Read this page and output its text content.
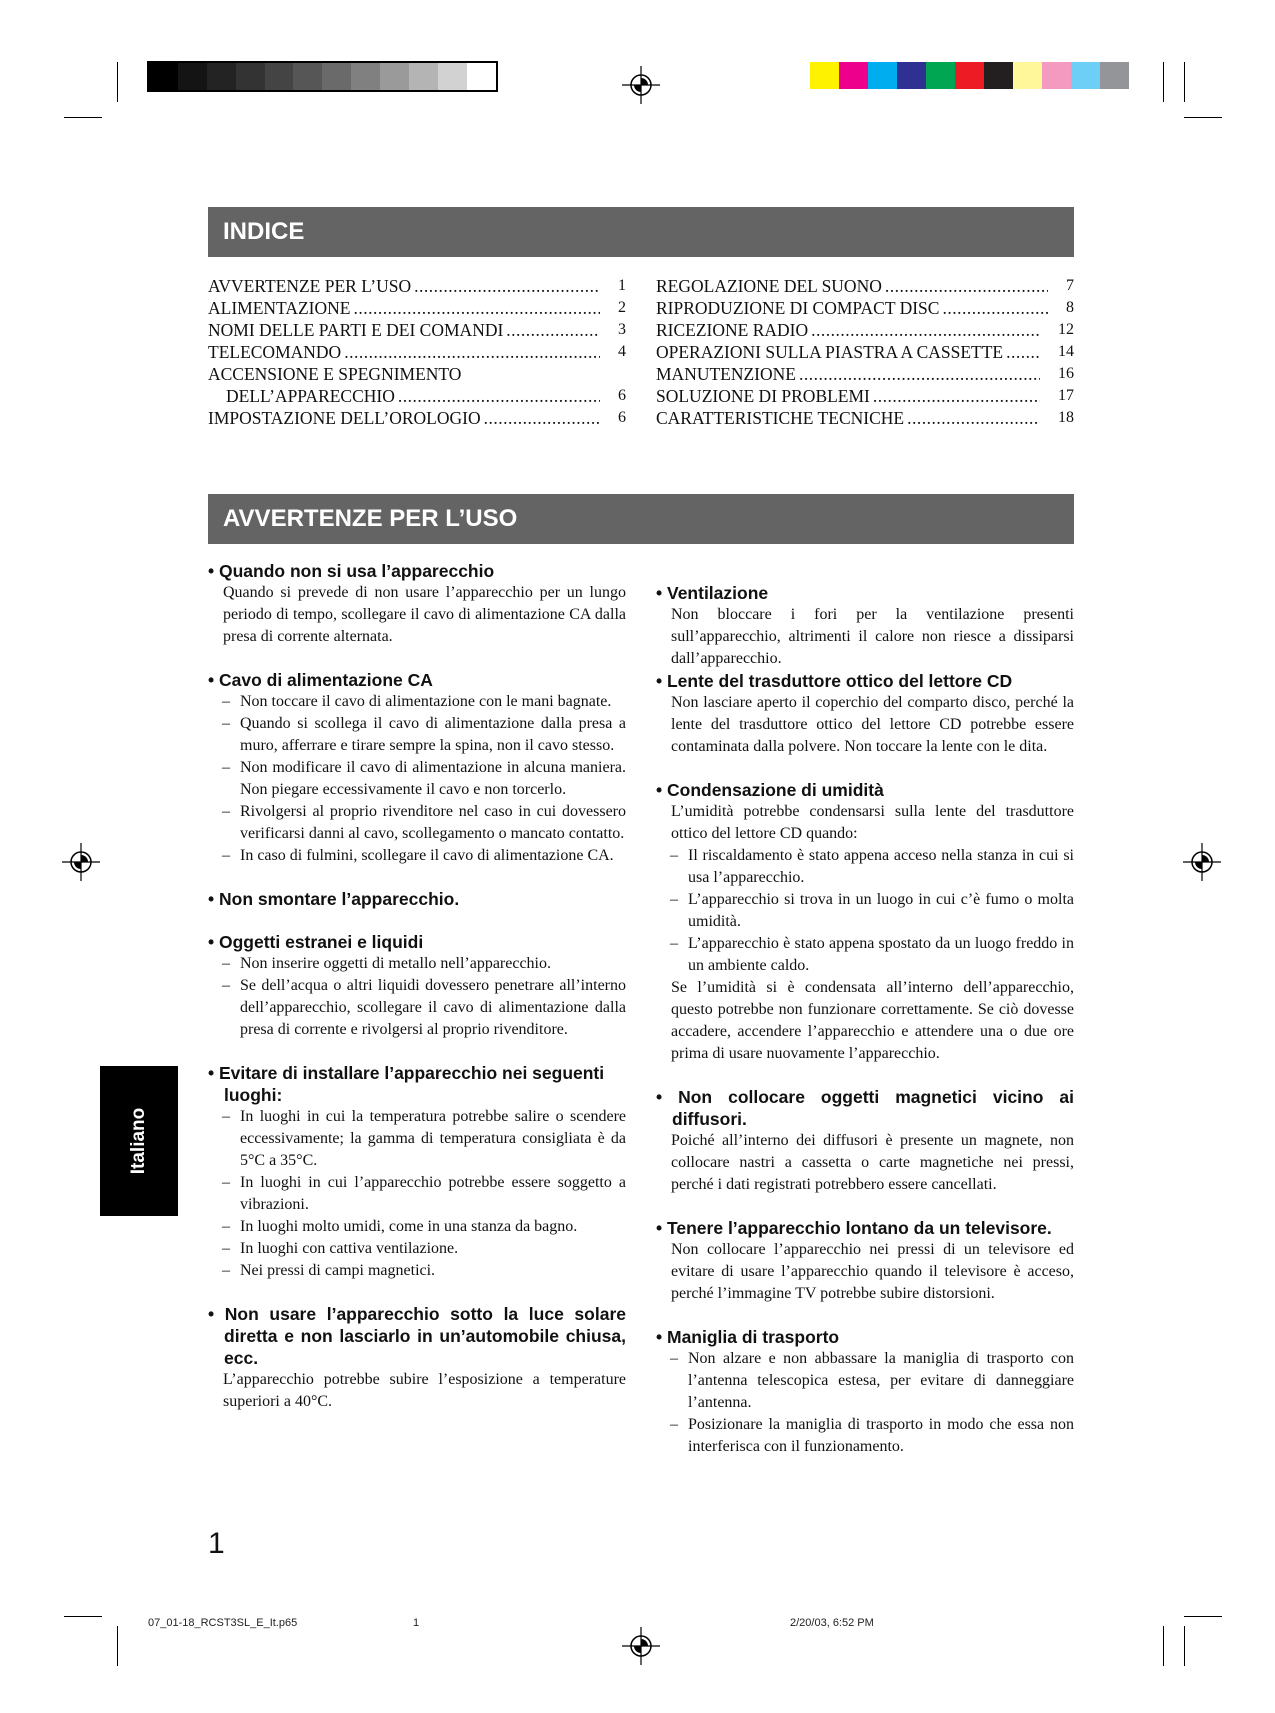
INDICE
AVVERTENZE PER L’USO .....	1
ALIMENTAZIONE .....	2
NOMI DELLE PARTI E DEI COMANDI .....	3
TELECOMANDO .....	4
ACCENSIONE E SPEGNIMENTO
DELL’APPARECCHIO .....	6
IMPOSTAZIONE DELL’OROLOGIO .....	6
REGOLAZIONE DEL SUONO .....	7
RIPRODUZIONE DI COMPACT DISC .....	8
RICEZIONE RADIO .....	12
OPERAZIONI SULLA PIASTRA A CASSETTE .....	14
MANUTENZIONE .....	16
SOLUZIONE DI PROBLEMI .....	17
CARATTERISTICHE TECNICHE .....	18
AVVERTENZE PER L’USO

• Quando non si usa l’apparecchio

Quando si prevede di non usare l’apparecchio per un lungo periodo di tempo, scollegare il cavo di alimentazione CA dalla presa di corrente alternata.

• Cavo di alimentazione CA

– Non toccare il cavo di alimentazione con le mani bagnate.
– Quando si scollega il cavo di alimentazione dalla presa a muro, afferrare e tirare sempre la spina, non il cavo stesso.
– Non modificare il cavo di alimentazione in alcuna maniera. Non piegare eccessivamente il cavo e non torcerlo.
– Rivolgersi al proprio rivenditore nel caso in cui dovessero verificarsi danni al cavo, scollegamento o mancato contatto.
– In caso di fulmini, scollegare il cavo di alimentazione CA.

• Non smontare l’apparecchio.

• Oggetti estranei e liquidi

– Non inserire oggetti di metallo nell’apparecchio.
– Se dell’acqua o altri liquidi dovessero penetrare all’interno dell’apparecchio, scollegare il cavo di alimentazione dalla presa di corrente e rivolgersi al proprio rivenditore.

• Evitare di installare l’apparecchio nei seguenti luoghi:

– In luoghi in cui la temperatura potrebbe salire o scendere eccessivamente; la gamma di temperatura consigliata è da 5°C a 35°C.
– In luoghi in cui l’apparecchio potrebbe essere soggetto a vibrazioni.
– In luoghi molto umidi, come in una stanza da bagno.
– In luoghi con cattiva ventilazione.
– Nei pressi di campi magnetici.

• Non usare l’apparecchio sotto la luce solare diretta e non lasciarlo in un’automobile chiusa, ecc.

L’apparecchio potrebbe subire l’esposizione a temperature superiori a 40°C.

• Ventilazione

Non bloccare i fori per la ventilazione presenti sull’apparecchio, altrimenti il calore non riesce a dissiparsi dall’apparecchio.

• Lente del trasduttore ottico del lettore CD

Non lasciare aperto il coperchio del comparto disco, perché la lente del trasduttore ottico del lettore CD potrebbe essere contaminata dalla polvere. Non toccare la lente con le dita.

• Condensazione di umidità

L’umidità potrebbe condensarsi sulla lente del trasduttore ottico del lettore CD quando:

– Il riscaldamento è stato appena acceso nella stanza in cui si usa l’apparecchio.
– L’apparecchio si trova in un luogo in cui c’è fumo o molta umidità.
– L’apparecchio è stato appena spostato da un luogo freddo in un ambiente caldo.

Se l’umidità si è condensata all’interno dell’apparecchio, questo potrebbe non funzionare correttamente. Se ciò dovesse accadere, accendere l’apparecchio e attendere una o due ore prima di usare nuovamente l’apparecchio.

• Non collocare oggetti magnetici vicino ai diffusori.

Poiché all’interno dei diffusori è presente un magnete, non collocare nastri a cassetta o carte magnetiche nei pressi, perché i dati registrati potrebbero essere cancellati.

• Tenere l’apparecchio lontano da un televisore.

Non collocare l’apparecchio nei pressi di un televisore ed evitare di usare l’apparecchio quando il televisore è acceso, perché l’immagine TV potrebbe subire distorsioni.

• Maniglia di trasporto

– Non alzare e non abbassare la maniglia di trasporto con l’antenna telescopica estesa, per evitare di danneggiare l’antenna.
– Posizionare la maniglia di trasporto in modo che essa non interferisca con il funzionamento.
Italiano
1
07_01-18_RCST3SL_E_It.p65	1	2/20/03, 6:52 PM
